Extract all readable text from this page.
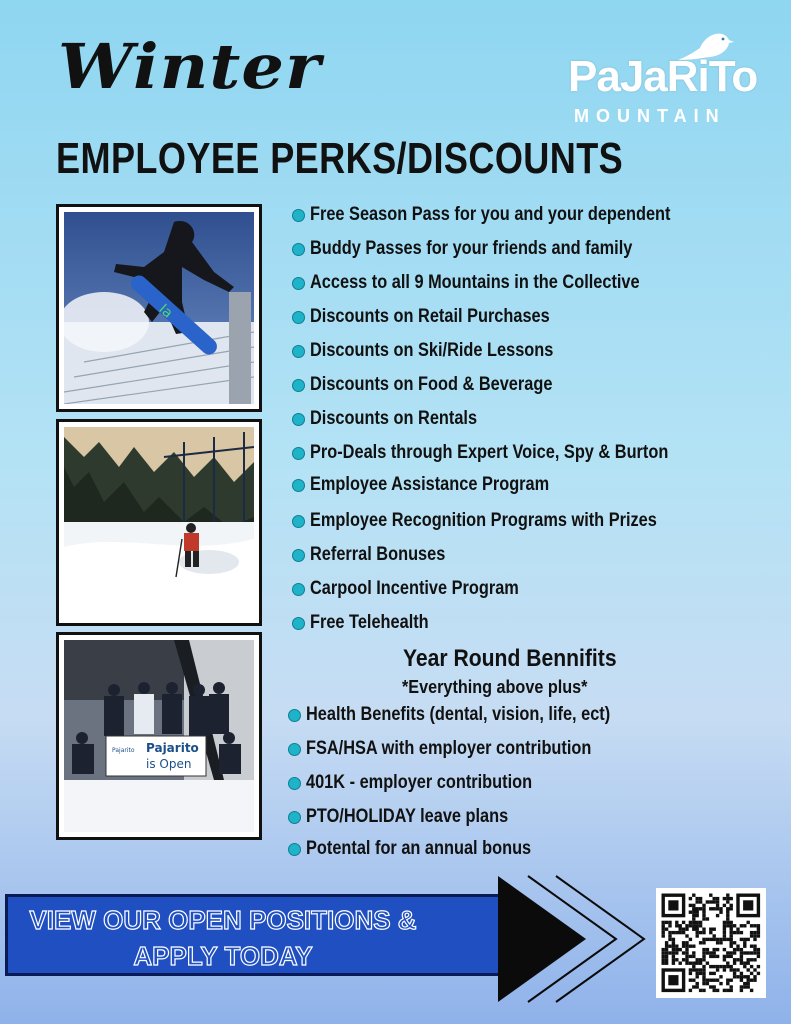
Winter
EMPLOYEE PERKS/DISCOUNTS
PaJaRiTo
MOUNTAIN
Ia
Pajarito Pajarito
is Open
Free Season Pass for you and your dependent
Buddy Passes for your friends and family
Access to all 9 Mountains in the Collective
Discounts on Retail Purchases
Discounts on Ski/Ride Lessons
Discounts on Food & Beverage
Discounts on Rentals
Pro-Deals through Expert Voice, Spy & Burton
Employee Assistance Program
Employee Recognition Programs with Prizes
Referral Bonuses
Carpool Incentive Program
Free Telehealth
Year Round Bennifits
*Everything above plus*
Health Benefits (dental, vision, life, ect)
FSA/HSA with employer contribution
401K - employer contribution
PTO/HOLIDAY leave plans
Potental for an annual bonus
VIEW OUR OPEN POSITIONS &
APPLY TODAY
